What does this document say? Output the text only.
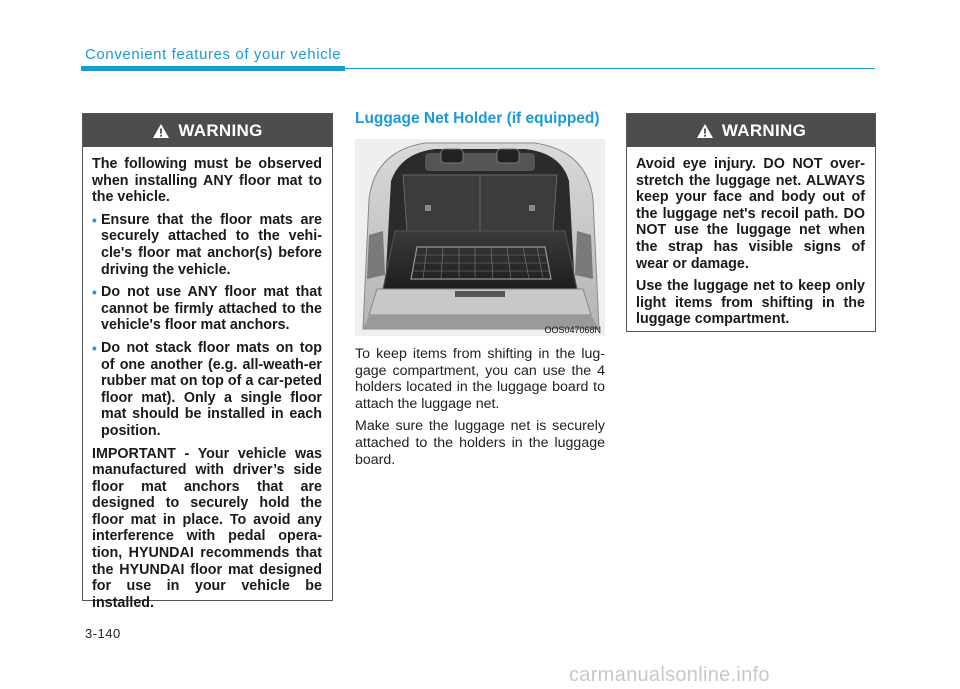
Convenient features of your vehicle
WARNING

The following must be observed when installing ANY floor mat to the vehicle.

• Ensure that the floor mats are securely attached to the vehi-cle's floor mat anchor(s) before driving the vehicle.
• Do not use ANY floor mat that cannot be firmly attached to the vehicle's floor mat anchors.
• Do not stack floor mats on top of one another (e.g. all-weath-er rubber mat on top of a car-peted floor mat). Only a single floor mat should be installed in each position.

IMPORTANT - Your vehicle was manufactured with driver’s side floor mat anchors that are designed to securely hold the floor mat in place. To avoid any interference with pedal opera-tion, HYUNDAI recommends that the HYUNDAI floor mat designed for use in your vehicle be installed.

Luggage Net Holder (if equipped)
OOS047068N

To keep items from shifting in the lug-gage compartment, you can use the 4 holders located in the luggage board to attach the luggage net.

Make sure the luggage net is securely attached to the holders in the luggage board.

WARNING

Avoid eye injury. DO NOT over-stretch the luggage net. ALWAYS keep your face and body out of the luggage net's recoil path. DO NOT use the luggage net when the strap has visible signs of wear or damage.

Use the luggage net to keep only light items from shifting in the luggage compartment.

3-140
carmanualsonline.info
